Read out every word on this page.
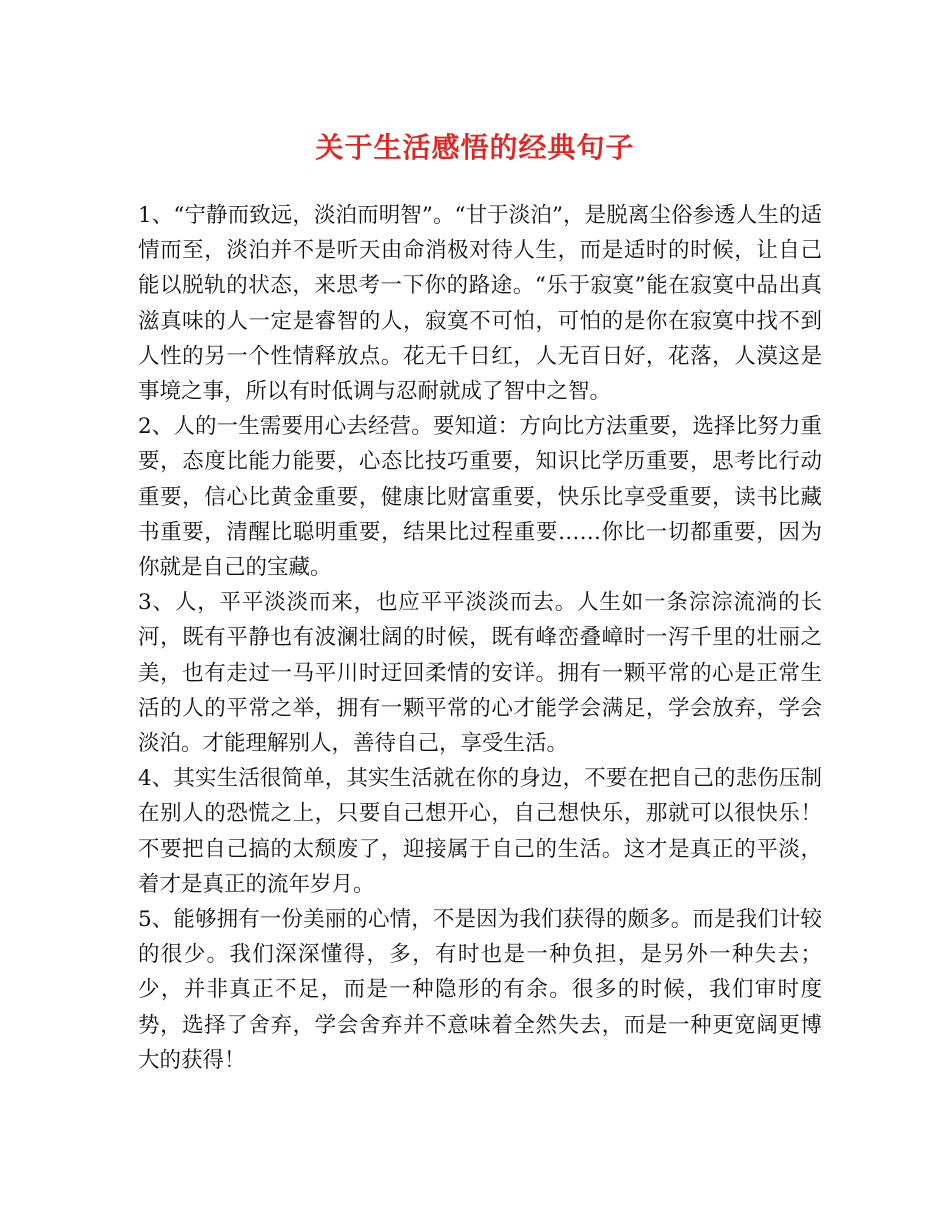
关于生活感悟的经典句子

1、“宁静而致远，淡泊而明智”。“甘于淡泊”，是脱离尘俗参透人生的适情而至，淡泊并不是听天由命消极对待人生，而是适时的时候，让自己能以脱轨的状态，来思考一下你的路途。“乐于寂寞”能在寂寞中品出真滋真味的人一定是睿智的人，寂寞不可怕，可怕的是你在寂寞中找不到人性的另一个性情释放点。花无千日红，人无百日好，花落，人漠这是事境之事，所以有时低调与忍耐就成了智中之智。

2、人的一生需要用心去经营。要知道：方向比方法重要，选择比努力重要，态度比能力能要，心态比技巧重要，知识比学历重要，思考比行动重要，信心比黄金重要，健康比财富重要，快乐比享受重要，读书比藏书重要，清醒比聪明重要，结果比过程重要……你比一切都重要，因为你就是自己的宝藏。

3、人，平平淡淡而来，也应平平淡淡而去。人生如一条淙淙流淌的长河，既有平静也有波澜壮阔的时候，既有峰峦叠嶂时一泻千里的壮丽之美，也有走过一马平川时迂回柔情的安详。拥有一颗平常的心是正常生活的人的平常之举，拥有一颗平常的心才能学会满足，学会放弃，学会淡泊。才能理解别人，善待自己，享受生活。

4、其实生活很简单，其实生活就在你的身边，不要在把自己的悲伤压制在别人的恐慌之上，只要自己想开心，自己想快乐，那就可以很快乐！不要把自己搞的太颓废了，迎接属于自己的生活。这才是真正的平淡，着才是真正的流年岁月。

5、能够拥有一份美丽的心情，不是因为我们获得的颇多。而是我们计较的很少。我们深深懂得，多，有时也是一种负担，是另外一种失去；少，并非真正不足，而是一种隐形的有余。很多的时候，我们审时度势，选择了舍弃，学会舍弃并不意味着全然失去，而是一种更宽阔更博大的获得！
